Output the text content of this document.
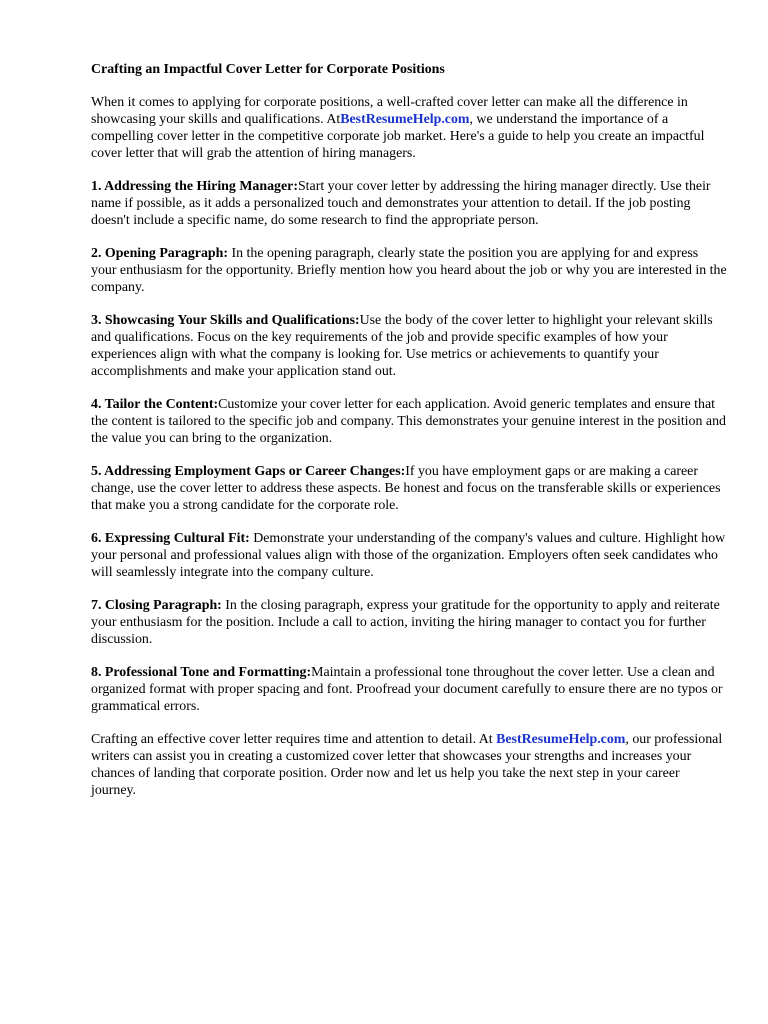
Crafting an Impactful Cover Letter for Corporate Positions

When it comes to applying for corporate positions, a well-crafted cover letter can make all the difference in showcasing your skills and qualifications. AtBestResumeHelp.com, we understand the importance of a compelling cover letter in the competitive corporate job market. Here's a guide to help you create an impactful cover letter that will grab the attention of hiring managers.

1. Addressing the Hiring Manager:Start your cover letter by addressing the hiring manager directly. Use their name if possible, as it adds a personalized touch and demonstrates your attention to detail. If the job posting doesn't include a specific name, do some research to find the appropriate person.

2. Opening Paragraph: In the opening paragraph, clearly state the position you are applying for and express your enthusiasm for the opportunity. Briefly mention how you heard about the job or why you are interested in the company.

3. Showcasing Your Skills and Qualifications:Use the body of the cover letter to highlight your relevant skills and qualifications. Focus on the key requirements of the job and provide specific examples of how your experiences align with what the company is looking for. Use metrics or achievements to quantify your accomplishments and make your application stand out.

4. Tailor the Content:Customize your cover letter for each application. Avoid generic templates and ensure that the content is tailored to the specific job and company. This demonstrates your genuine interest in the position and the value you can bring to the organization.

5. Addressing Employment Gaps or Career Changes:If you have employment gaps or are making a career change, use the cover letter to address these aspects. Be honest and focus on the transferable skills or experiences that make you a strong candidate for the corporate role.

6. Expressing Cultural Fit: Demonstrate your understanding of the company's values and culture. Highlight how your personal and professional values align with those of the organization. Employers often seek candidates who will seamlessly integrate into the company culture.

7. Closing Paragraph: In the closing paragraph, express your gratitude for the opportunity to apply and reiterate your enthusiasm for the position. Include a call to action, inviting the hiring manager to contact you for further discussion.

8. Professional Tone and Formatting:Maintain a professional tone throughout the cover letter. Use a clean and organized format with proper spacing and font. Proofread your document carefully to ensure there are no typos or grammatical errors.

Crafting an effective cover letter requires time and attention to detail. At BestResumeHelp.com, our professional writers can assist you in creating a customized cover letter that showcases your strengths and increases your chances of landing that corporate position. Order now and let us help you take the next step in your career journey.
